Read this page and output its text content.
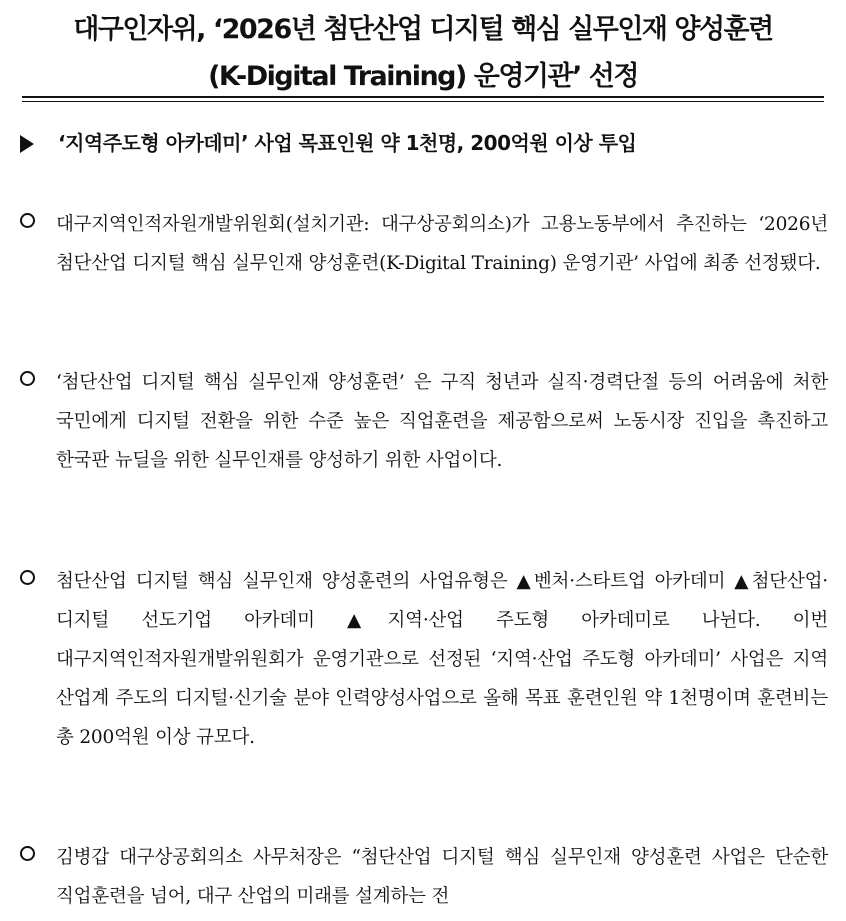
대구인자위, ‘2026년 첨단산업 디지털 핵심 실무인재 양성훈련
(K-Digital Training) 운영기관’ 선정
‘지역주도형 아카데미’ 사업 목표인원 약 1천명, 200억원 이상 투입
대구지역인적자원개발위원회(설치기관: 대구상공회의소)가 고용노동부에서 추진하는 ‘2026년 첨단산업 디지털 핵심 실무인재 양성훈련(K-Digital Training) 운영기관’ 사업에 최종 선정됐다.
‘첨단산업 디지털 핵심 실무인재 양성훈련’ 은 구직 청년과 실직·경력단절 등의 어려움에 처한 국민에게 디지털 전환을 위한 수준 높은 직업훈련을 제공함으로써 노동시장 진입을 촉진하고 한국판 뉴딜을 위한 실무인재를 양성하기 위한 사업이다.
첨단산업 디지털 핵심 실무인재 양성훈련의 사업유형은 ▲벤처·스타트업 아카데미 ▲첨단산업·디지털 선도기업 아카데미 ▲지역·산업 주도형 아카데미로 나뉜다. 이번 대구지역인적자원개발위원회가 운영기관으로 선정된 ‘지역·산업 주도형 아카데미’ 사업은 지역 산업계 주도의 디지털·신기술 분야 인력양성사업으로 올해 목표 훈련인원 약 1천명이며 훈련비는 총 200억원 이상 규모다.
김병갑 대구상공회의소 사무처장은 “첨단산업 디지털 핵심 실무인재 양성훈련 사업은 단순한 직업훈련을 넘어, 대구 산업의 미래를 설계하는 전
